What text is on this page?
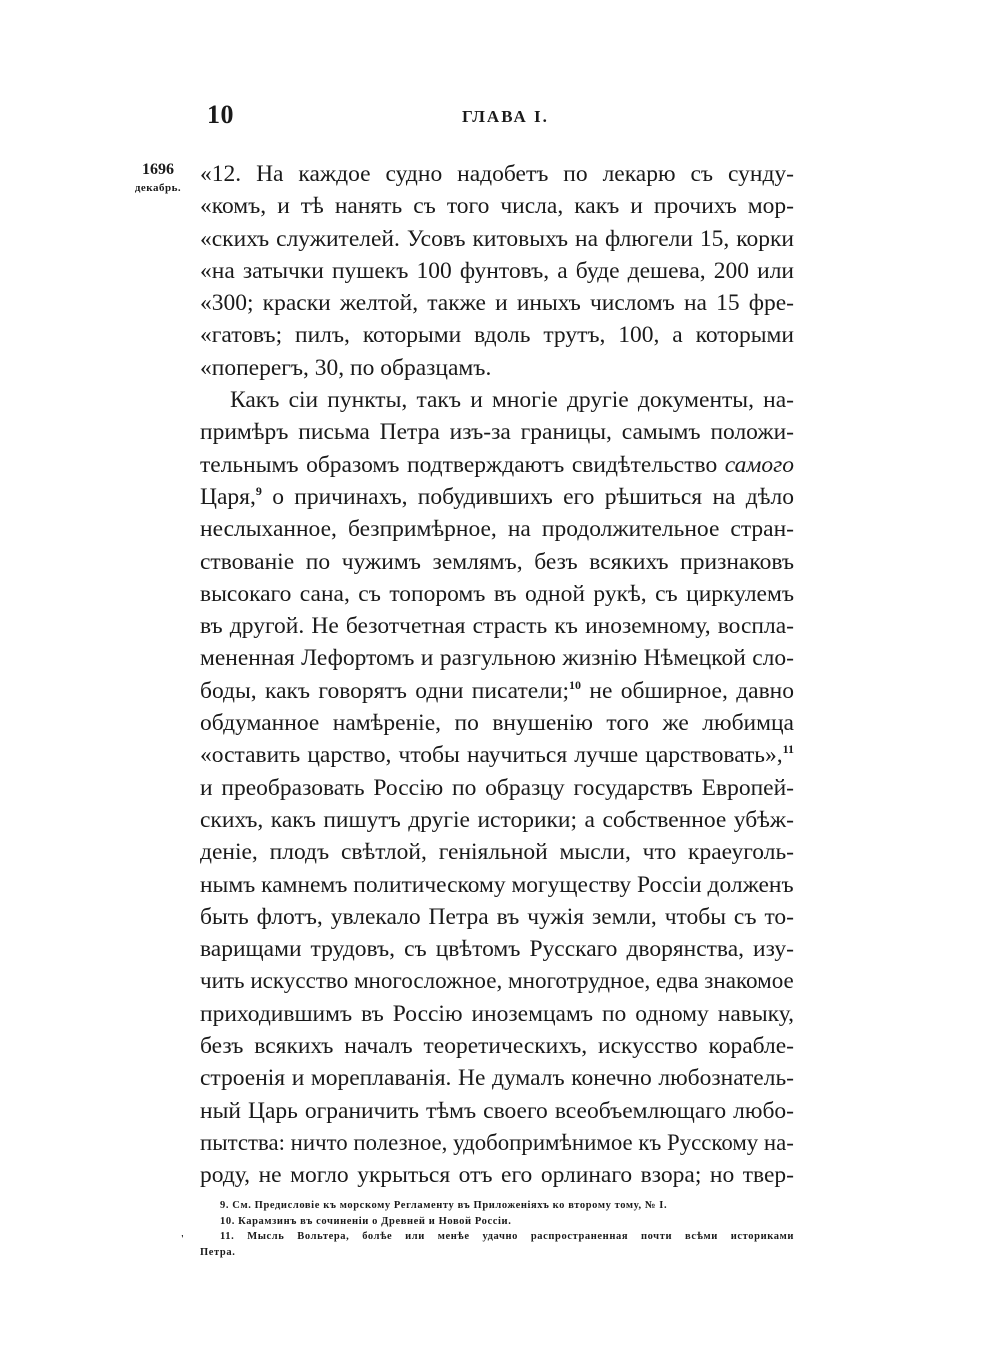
10	ГЛАВА I.
1696
декабрь.
«12. На каждое судно надобетъ по лекарю съ сунду-
«комъ, и тѣ нанять съ того числа, какъ и прочихъ мор-
«скихъ служителей. Усовъ китовыхъ на флюгели 15, корки
«на затычки пушекъ 100 фунтовъ, а буде дешева, 200 или
«300; краски желтой, также и иныхъ числомъ на 15 фре-
«гатовъ; пилъ, которыми вдоль трутъ, 100, а которыми
«поперегъ, 30, по образцамъ.
Какъ сіи пункты, такъ и многіе другіе документы, на-
примѣръ письма Петра изъ-за границы, самымъ положи-
тельнымъ образомъ подтверждаютъ свидѣтельство самого
Царя,$^9$ о причинахъ, побудившихъ его рѣшиться на дѣло
неслыханное, безпримѣрное, на продолжительное стран-
ствованіе по чужимъ землямъ, безъ всякихъ признаковъ
высокаго сана, съ топоромъ въ одной рукѣ, съ циркулемъ
въ другой. Не безотчетная страсть къ иноземному, воспла-
мененная Лефортомъ и разгульною жизнію Нѣмецкой сло-
боды, какъ говорятъ одни писатели;$^{10}$ не обширное, давно
обдуманное намѣреніе, по внушенію того же любимца
«оставить царство, чтобы научиться лучше царствовать»,$^{11}$
и преобразовать Россію по образцу государствъ Европей-
скихъ, какъ пишутъ другіе историки; а собственное убѣж-
деніе, плодъ свѣтлой, геніяльной мысли, что краеуголь-
нымъ камнемъ политическому могуществу Россіи долженъ
быть флотъ, увлекало Петра въ чужія земли, чтобы съ то-
варищами трудовъ, съ цвѣтомъ Русскаго дворянства, изу-
чить искусство многосложное, многотрудное, едва знакомое
приходившимъ въ Россію иноземцамъ по одному навыку,
безъ всякихъ началъ теоретическихъ, искусство корабле-
строенія и мореплаванія. Не думалъ конечно любознатель-
ный Царь ограничить тѣмъ своего всеобъемлющаго любо-
пытства: ничто полезное, удобопримѣнимое къ Русскому на-
роду, не могло укрыться отъ его орлинаго взора; но твер-
9. См. Предисловіе къ морскому Регламенту въ Приложеніяхъ ко второму тому, № I.
10. Карамзинъ въ сочиненіи о Древней и Новой Россіи.
11. Мысль Вольтера, болѣе или менѣе удачно распространенная почти всѣми историками
Петра.
'
